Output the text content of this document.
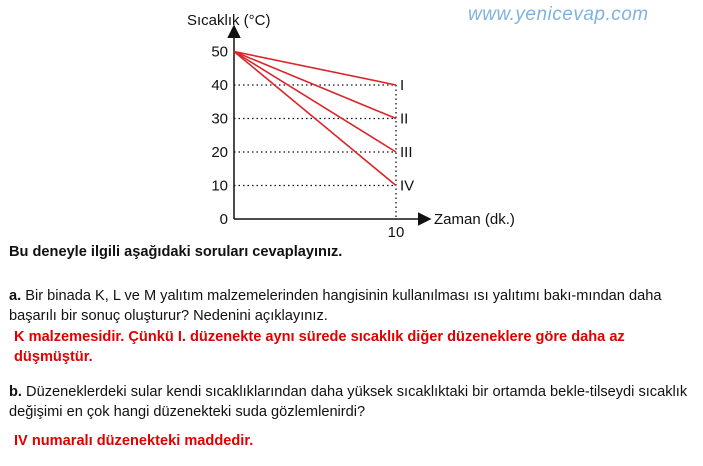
www.yenicevap.com
0
10
20
30
40
50
10
I
II
III
IV
Sıcaklık (°C)
Zaman (dk.)
Bu deneyle ilgili aşağıdaki soruları cevaplayınız.
a. Bir binada K, L ve M yalıtım malzemelerinden hangisinin kullanılması ısı yalıtımı bakı-mından daha başarılı bir sonuç oluşturur? Nedenini açıklayınız.
K malzemesidir. Çünkü I. düzenekte aynı sürede sıcaklık diğer düzeneklere göre daha az düşmüştür.
b. Düzeneklerdeki sular kendi sıcaklıklarından daha yüksek sıcaklıktaki bir ortamda bekle-tilseydi sıcaklık değişimi en çok hangi düzenekteki suda gözlemlenirdi?
IV numaralı düzenekteki maddedir.
